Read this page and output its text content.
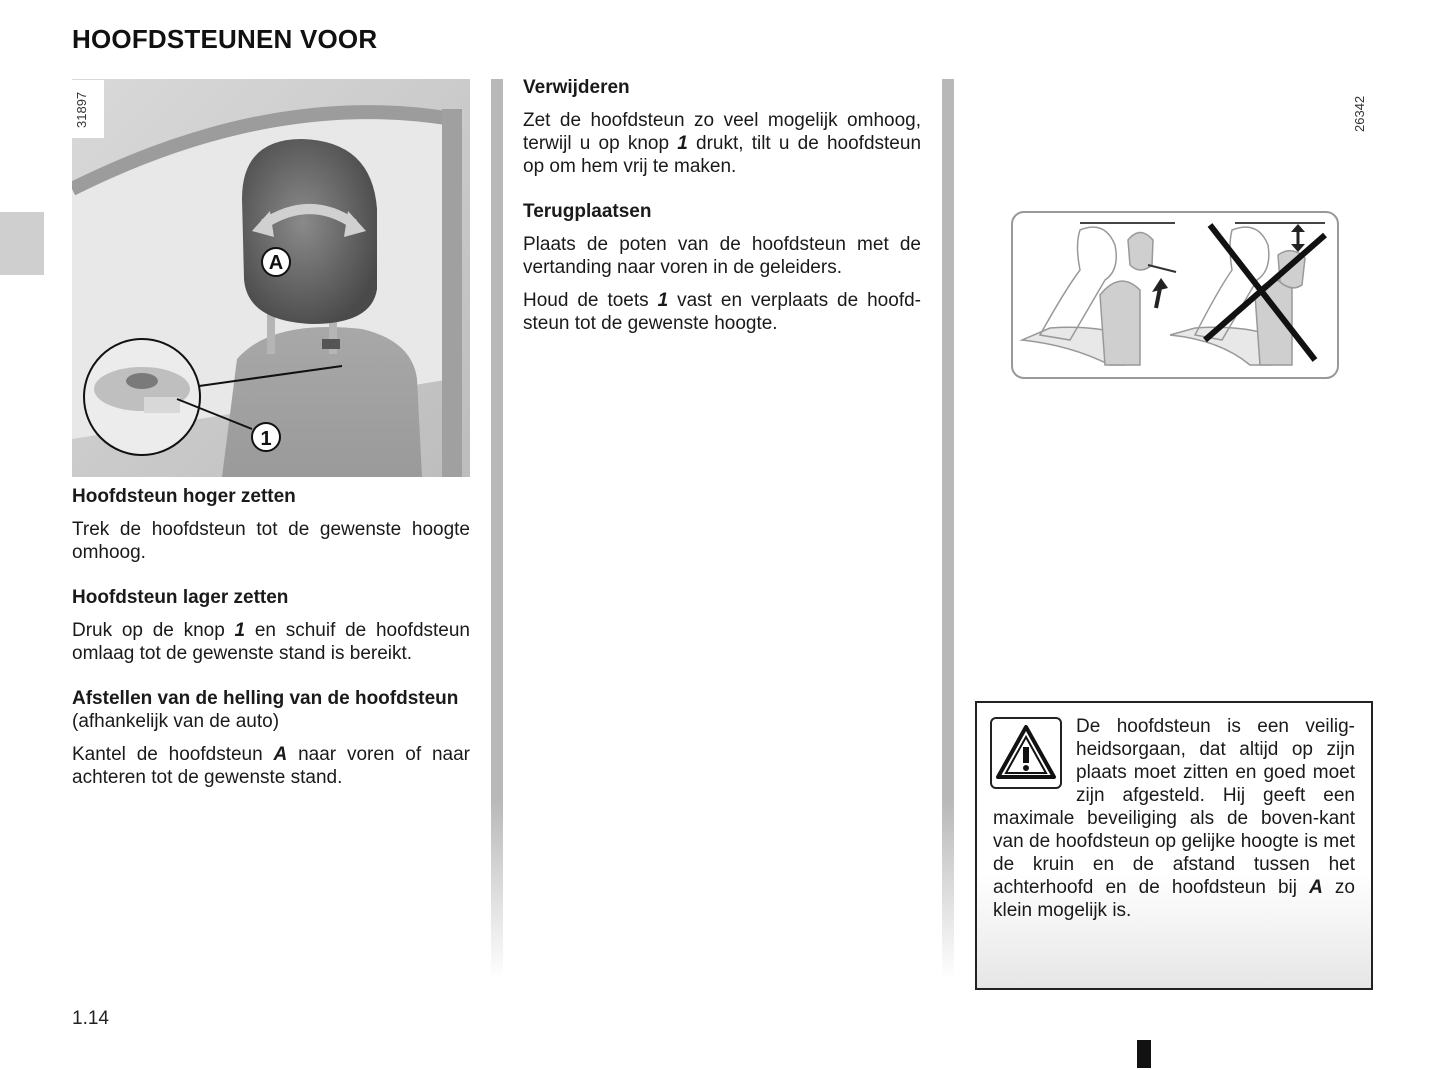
HOOFDSTEUNEN VOOR
A
1
31897
Hoofdsteun hoger zetten

Trek de hoofdsteun tot de gewenste hoogte omhoog.

Hoofdsteun lager zetten

Druk op de knop 1 en schuif de hoofdsteun omlaag tot de gewenste stand is bereikt.

Afstellen van de helling van de hoofdsteun
(afhankelijk van de auto)

Kantel de hoofdsteun A naar voren of naar achteren tot de gewenste stand.

Verwijderen

Zet de hoofdsteun zo veel mogelijk omhoog, terwijl u op knop 1 drukt, tilt u de hoofdsteun op om hem vrij te maken.

Terugplaatsen

Plaats de poten van de hoofdsteun met de vertanding naar voren in de geleiders.

Houd de toets 1 vast en verplaats de hoofd-steun tot de gewenste hoogte.

26342
De hoofdsteun is een veilig-heidsorgaan, dat altijd op zijn plaats moet zitten en goed moet zijn afgesteld. Hij geeft een maximale beveiliging als de boven-kant van de hoofdsteun op gelijke hoogte is met de kruin en de afstand tussen het achterhoofd en de hoofdsteun bij A zo klein mogelijk is.
1.14
